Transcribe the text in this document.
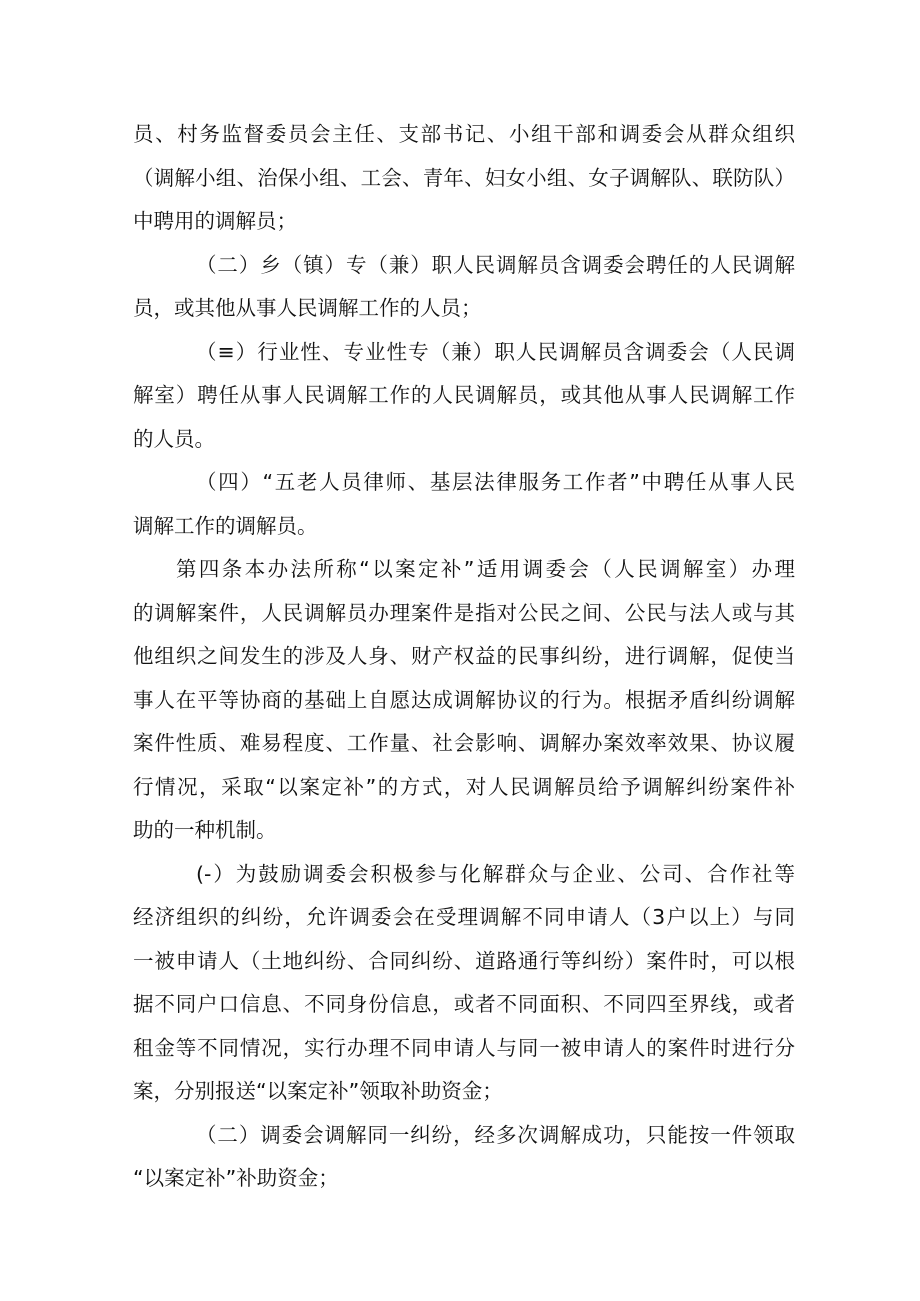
员、村务监督委员会主任、支部书记、小组干部和调委会从群众组织
（调解小组、治保小组、工会、青年、妇女小组、女子调解队、联防队）
中聘用的调解员；
（二）乡（镇）专（兼）职人民调解员含调委会聘任的人民调解
员，或其他从事人民调解工作的人员；
（≡）行业性、专业性专（兼）职人民调解员含调委会（人民调
解室）聘任从事人民调解工作的人民调解员，或其他从事人民调解工作
的人员。
（四）“五老人员律师、基层法律服务工作者”中聘任从事人民
调解工作的调解员。
第四条本办法所称“以案定补”适用调委会（人民调解室）办理
的调解案件，人民调解员办理案件是指对公民之间、公民与法人或与其
他组织之间发生的涉及人身、财产权益的民事纠纷，进行调解，促使当
事人在平等协商的基础上自愿达成调解协议的行为。根据矛盾纠纷调解
案件性质、难易程度、工作量、社会影响、调解办案效率效果、协议履
行情况，采取“以案定补”的方式，对人民调解员给予调解纠纷案件补
助的一种机制。
(-）为鼓励调委会积极参与化解群众与企业、公司、合作社等
经济组织的纠纷，允许调委会在受理调解不同申请人（3户以上）与同
一被申请人（土地纠纷、合同纠纷、道路通行等纠纷）案件时，可以根
据不同户口信息、不同身份信息，或者不同面积、不同四至界线，或者
租金等不同情况，实行办理不同申请人与同一被申请人的案件时进行分
案，分别报送“以案定补”领取补助资金；
（二）调委会调解同一纠纷，经多次调解成功，只能按一件领取
“以案定补”补助资金；
